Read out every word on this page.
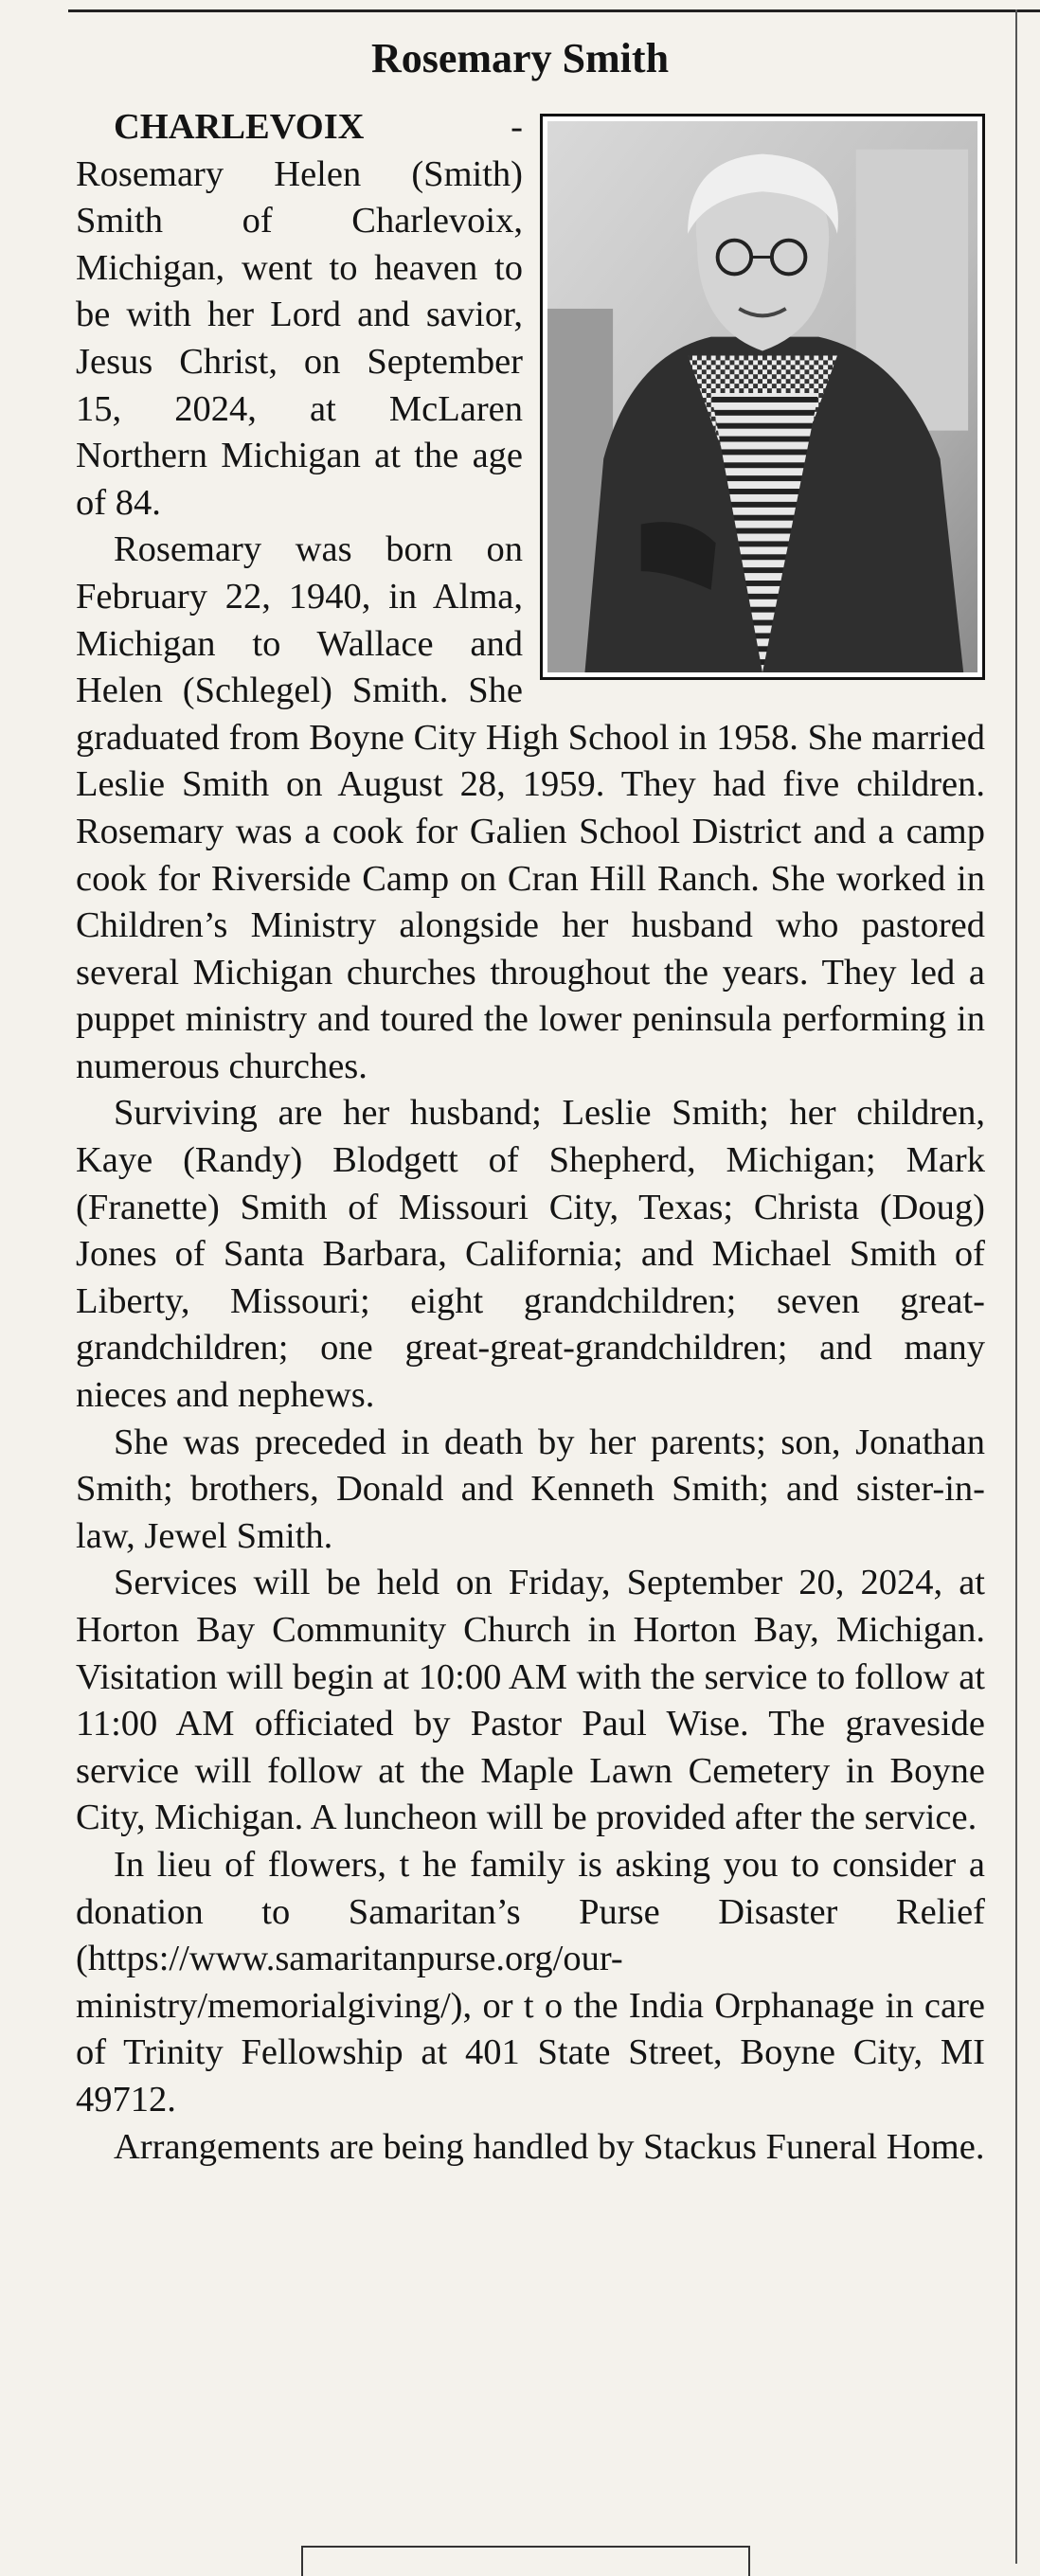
Rosemary Smith

CHARLEVOIX - Rosemary Helen (Smith) Smith of Charlevoix, Michigan, went to heaven to be with her Lord and savior, Jesus Christ, on September 15, 2024, at McLaren Northern Michigan at the age of 84.

Rosemary was born on February 22, 1940, in Alma, Michigan to Wallace and Helen (Schlegel) Smith. She graduated from Boyne City High School in 1958. She married Leslie Smith on August 28, 1959. They had five children. Rosemary was a cook for Galien School District and a camp cook for Riverside Camp on Cran Hill Ranch. She worked in Children’s Ministry alongside her husband who pastored several Michigan churches throughout the years. They led a puppet ministry and toured the lower peninsula performing in numerous churches.

Surviving are her husband; Leslie Smith; her children, Kaye (Randy) Blodgett of Shepherd, Michigan; Mark (Franette) Smith of Missouri City, Texas; Christa (Doug) Jones of Santa Barbara, California; and Michael Smith of Liberty, Missouri; eight grandchildren; seven great-grandchildren; one great-great-grandchildren; and many nieces and nephews.

She was preceded in death by her parents; son, Jonathan Smith; brothers, Donald and Kenneth Smith; and sister-in-law, Jewel Smith.

Services will be held on Friday, September 20, 2024, at Horton Bay Community Church in Horton Bay, Michigan. Visitation will begin at 10:00 AM with the service to follow at 11:00 AM officiated by Pastor Paul Wise. The graveside service will follow at the Maple Lawn Cemetery in Boyne City, Michigan. A luncheon will be provided after the service.

In lieu of flowers, t he family is asking you to consider a donation to Samaritan’s Purse Disaster Relief (https://www.samaritanpurse.org/our-ministry/memorialgiving/), or t o the India Orphanage in care of Trinity Fellowship at 401 State Street, Boyne City, MI 49712.

Arrangements are being handled by Stackus Funeral Home.
